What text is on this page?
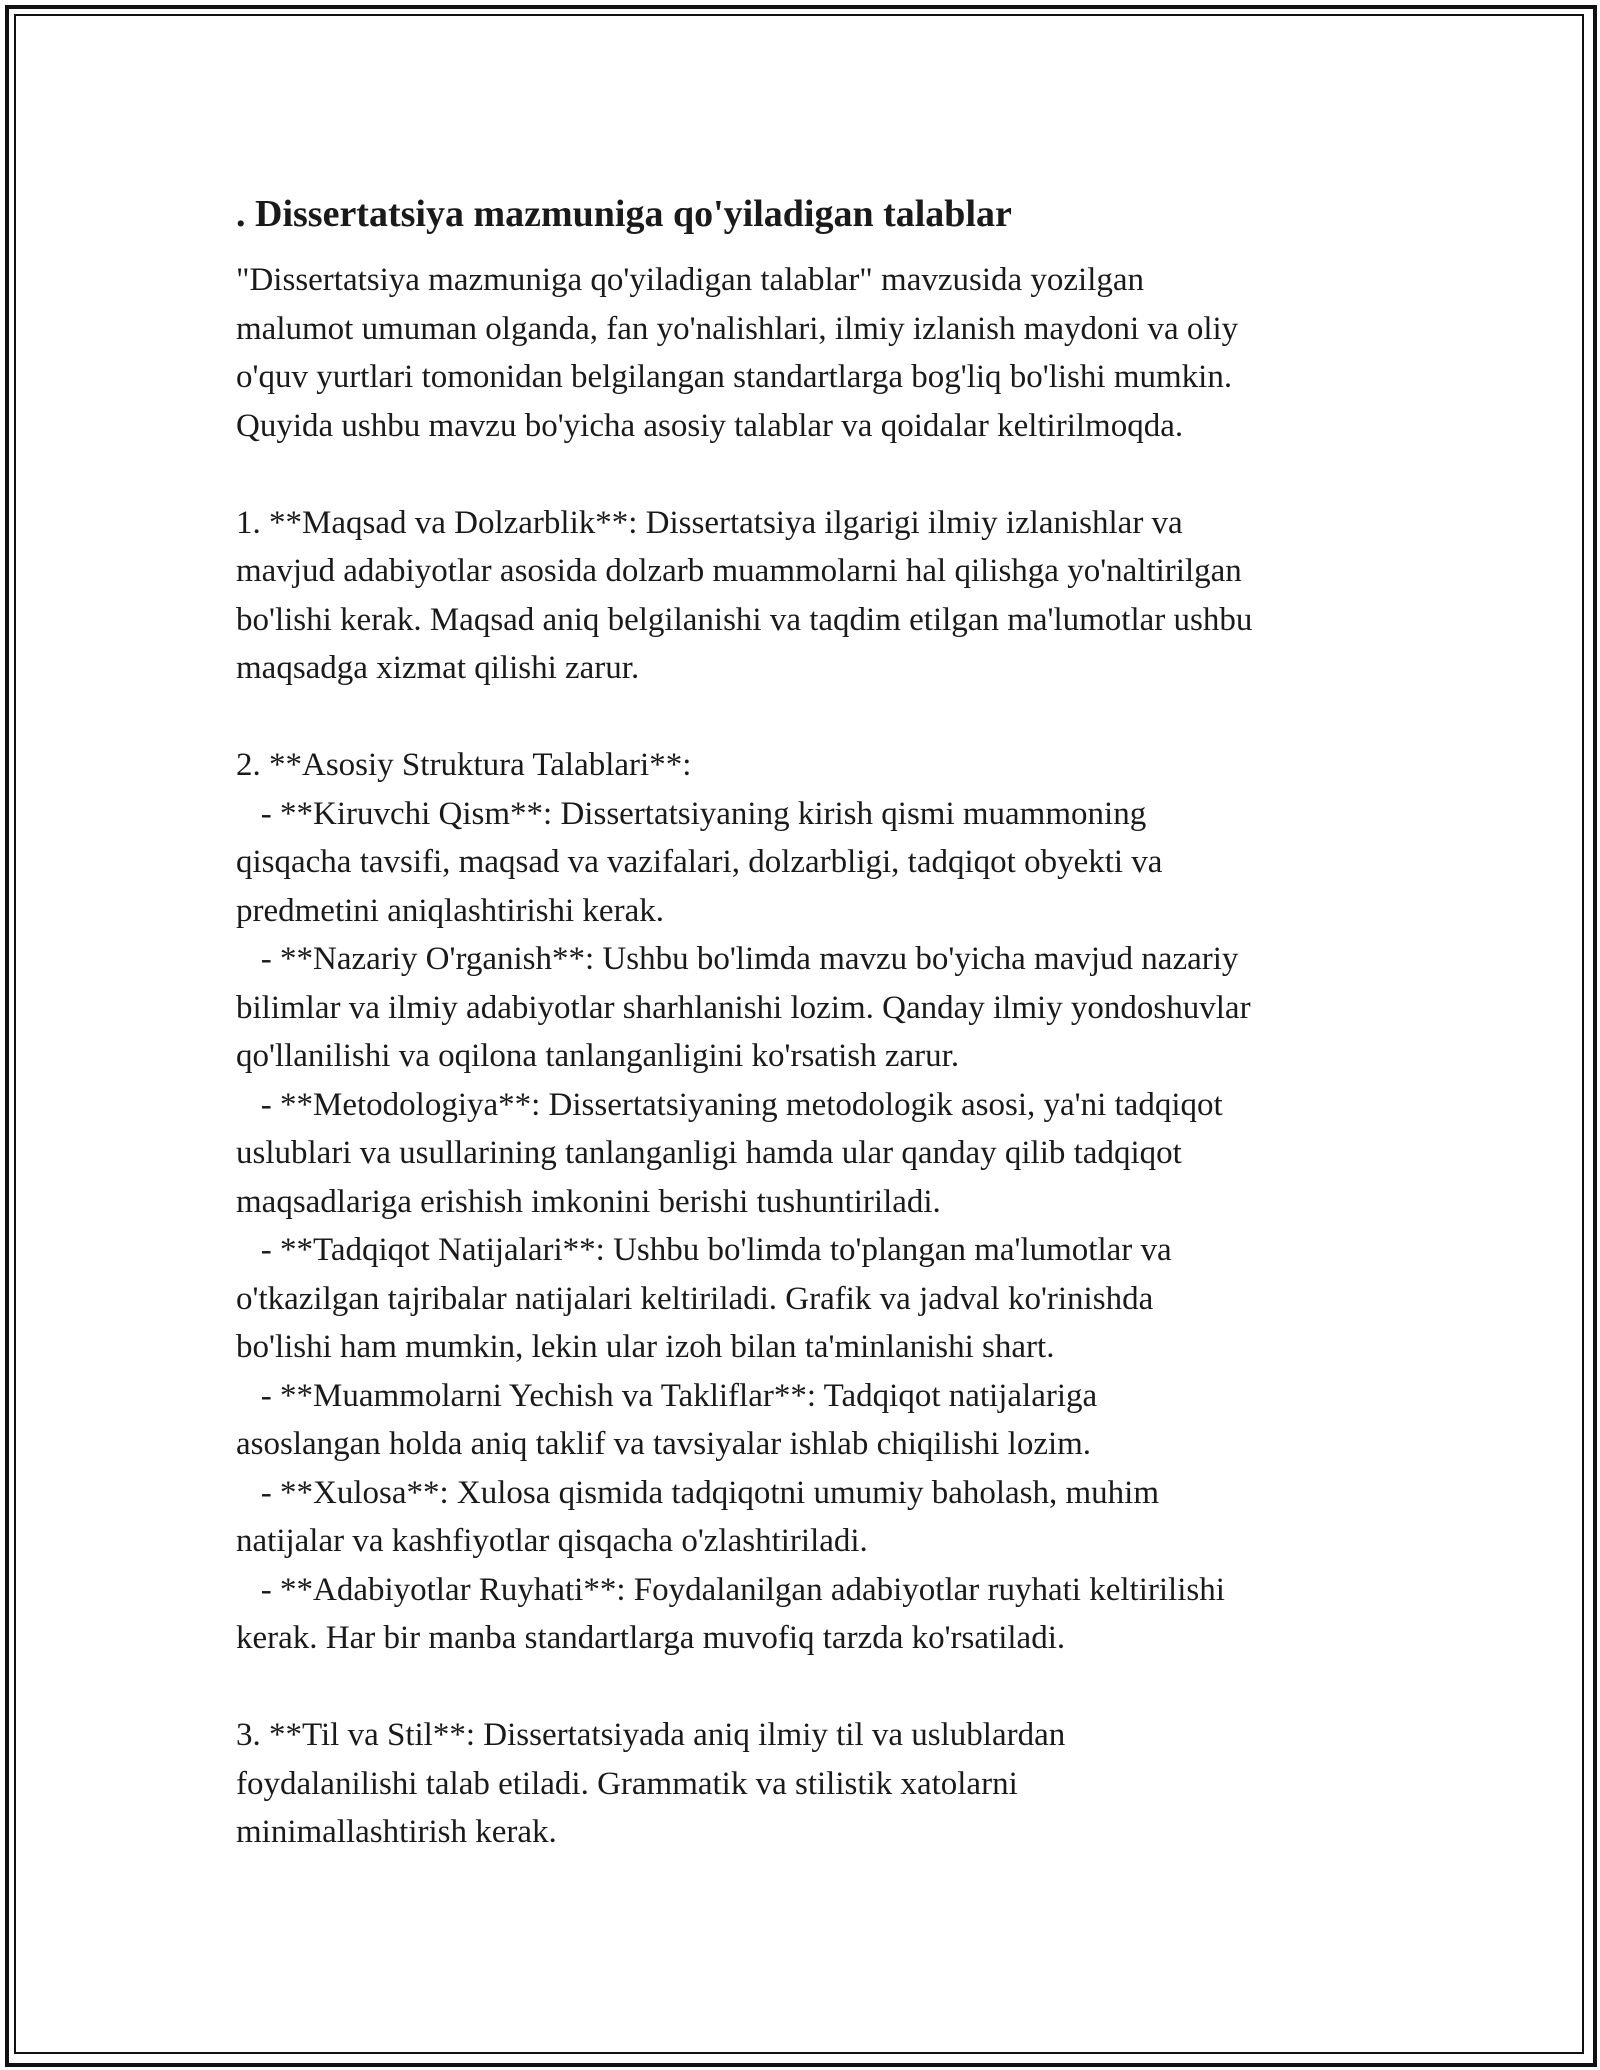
. Dissertatsiya mazmuniga qo'yiladigan talablar

"Dissertatsiya mazmuniga qo'yiladigan talablar" mavzusida yozilgan
malumot umuman olganda, fan yo'nalishlari, ilmiy izlanish maydoni va oliy
o'quv yurtlari tomonidan belgilangan standartlarga bog'liq bo'lishi mumkin.
Quyida ushbu mavzu bo'yicha asosiy talablar va qoidalar keltirilmoqda.

1. **Maqsad va Dolzarblik**: Dissertatsiya ilgarigi ilmiy izlanishlar va
mavjud adabiyotlar asosida dolzarb muammolarni hal qilishga yo'naltirilgan
bo'lishi kerak. Maqsad aniq belgilanishi va taqdim etilgan ma'lumotlar ushbu
maqsadga xizmat qilishi zarur.

2. **Asosiy Struktura Talablari**:
- **Kiruvchi Qism**: Dissertatsiyaning kirish qismi muammoning
qisqacha tavsifi, maqsad va vazifalari, dolzarbligi, tadqiqot obyekti va
predmetini aniqlashtirishi kerak.
- **Nazariy O'rganish**: Ushbu bo'limda mavzu bo'yicha mavjud nazariy
bilimlar va ilmiy adabiyotlar sharhlanishi lozim. Qanday ilmiy yondoshuvlar
qo'llanilishi va oqilona tanlanganligini ko'rsatish zarur.
- **Metodologiya**: Dissertatsiyaning metodologik asosi, ya'ni tadqiqot
uslublari va usullarining tanlanganligi hamda ular qanday qilib tadqiqot
maqsadlariga erishish imkonini berishi tushuntiriladi.
- **Tadqiqot Natijalari**: Ushbu bo'limda to'plangan ma'lumotlar va
o'tkazilgan tajribalar natijalari keltiriladi. Grafik va jadval ko'rinishda
bo'lishi ham mumkin, lekin ular izoh bilan ta'minlanishi shart.
- **Muammolarni Yechish va Takliflar**: Tadqiqot natijalariga
asoslangan holda aniq taklif va tavsiyalar ishlab chiqilishi lozim.
- **Xulosa**: Xulosa qismida tadqiqotni umumiy baholash, muhim
natijalar va kashfiyotlar qisqacha o'zlashtiriladi.
- **Adabiyotlar Ruyhati**: Foydalanilgan adabiyotlar ruyhati keltirilishi
kerak. Har bir manba standartlarga muvofiq tarzda ko'rsatiladi.

3. **Til va Stil**: Dissertatsiyada aniq ilmiy til va uslublardan
foydalanilishi talab etiladi. Grammatik va stilistik xatolarni
minimallashtirish kerak.
